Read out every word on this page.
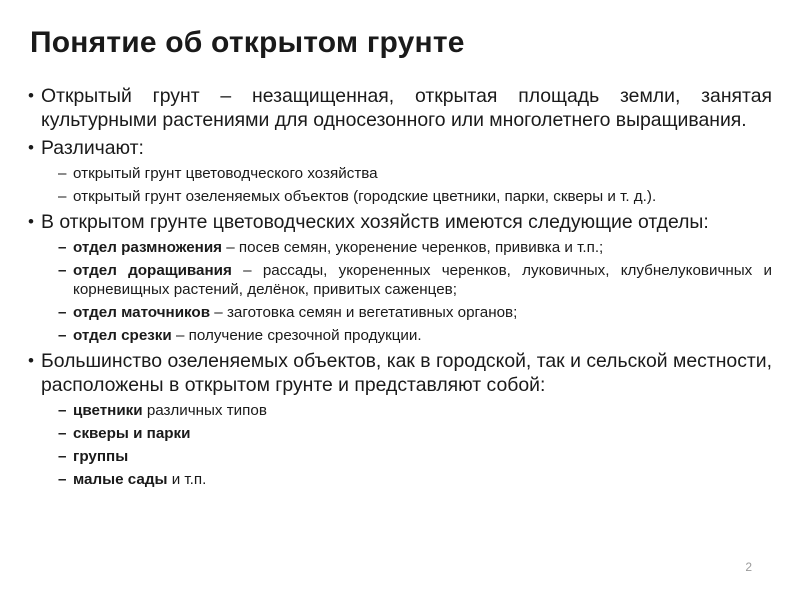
Понятие об открытом грунте

• Открытый грунт – незащищенная, открытая площадь земли, занятая культурными растениями для односезонного или многолетнего выращивания.

• Различают:

– открытый грунт цветоводческого хозяйства

– открытый грунт озеленяемых объектов (городские цветники, парки, скверы и т. д.).

• В открытом грунте цветоводческих хозяйств имеются следующие отделы:

– отдел размножения – посев семян, укоренение черенков, прививка и т.п.;

– отдел доращивания – рассады, укорененных черенков, луковичных, клубнелуковичных и корневищных растений, делёнок, привитых саженцев;

– отдел маточников – заготовка семян и вегетативных органов;

– отдел срезки – получение срезочной продукции.

• Большинство озеленяемых объектов, как в городской, так и сельской местности, расположены в открытом грунте и представляют собой:

– цветники различных типов

– скверы и парки

– группы

– малые сады и т.п.

2
